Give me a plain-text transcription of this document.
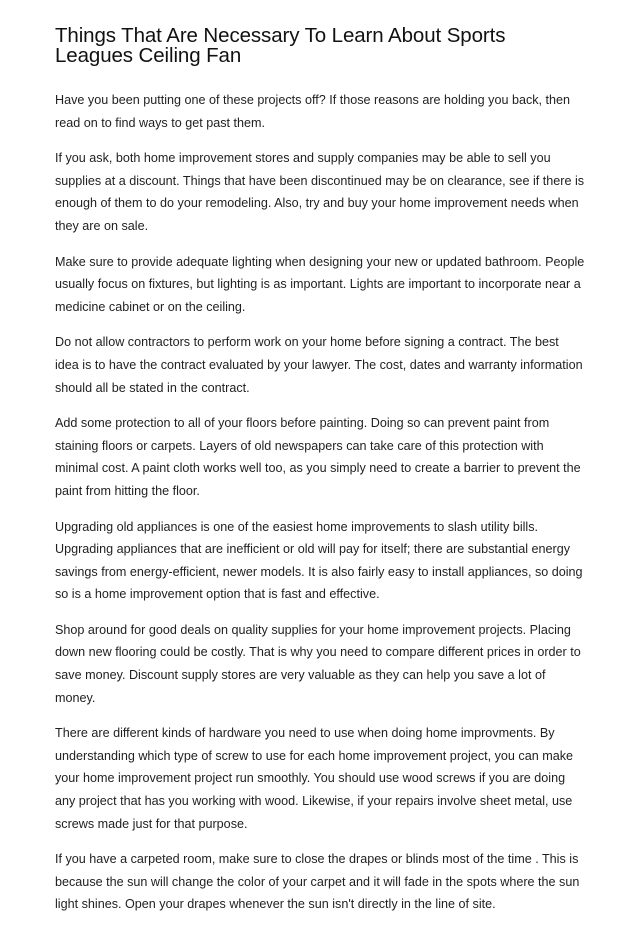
Things That Are Necessary To Learn About Sports Leagues Ceiling Fan

Have you been putting one of these projects off? If those reasons are holding you back, then read on to find ways to get past them.

If you ask, both home improvement stores and supply companies may be able to sell you supplies at a discount. Things that have been discontinued may be on clearance, see if there is enough of them to do your remodeling. Also, try and buy your home improvement needs when they are on sale.

Make sure to provide adequate lighting when designing your new or updated bathroom. People usually focus on fixtures, but lighting is as important. Lights are important to incorporate near a medicine cabinet or on the ceiling.

Do not allow contractors to perform work on your home before signing a contract. The best idea is to have the contract evaluated by your lawyer. The cost, dates and warranty information should all be stated in the contract.

Add some protection to all of your floors before painting. Doing so can prevent paint from staining floors or carpets. Layers of old newspapers can take care of this protection with minimal cost. A paint cloth works well too, as you simply need to create a barrier to prevent the paint from hitting the floor.

Upgrading old appliances is one of the easiest home improvements to slash utility bills. Upgrading appliances that are inefficient or old will pay for itself; there are substantial energy savings from energy-efficient, newer models. It is also fairly easy to install appliances, so doing so is a home improvement option that is fast and effective.

Shop around for good deals on quality supplies for your home improvement projects. Placing down new flooring could be costly. That is why you need to compare different prices in order to save money. Discount supply stores are very valuable as they can help you save a lot of money.

There are different kinds of hardware you need to use when doing home improvments. By understanding which type of screw to use for each home improvement project, you can make your home improvement project run smoothly. You should use wood screws if you are doing any project that has you working with wood. Likewise, if your repairs involve sheet metal, use screws made just for that purpose.

If you have a carpeted room, make sure to close the drapes or blinds most of the time . This is because the sun will change the color of your carpet and it will fade in the spots where the sun light shines. Open your drapes whenever the sun isn't directly in the line of site.
